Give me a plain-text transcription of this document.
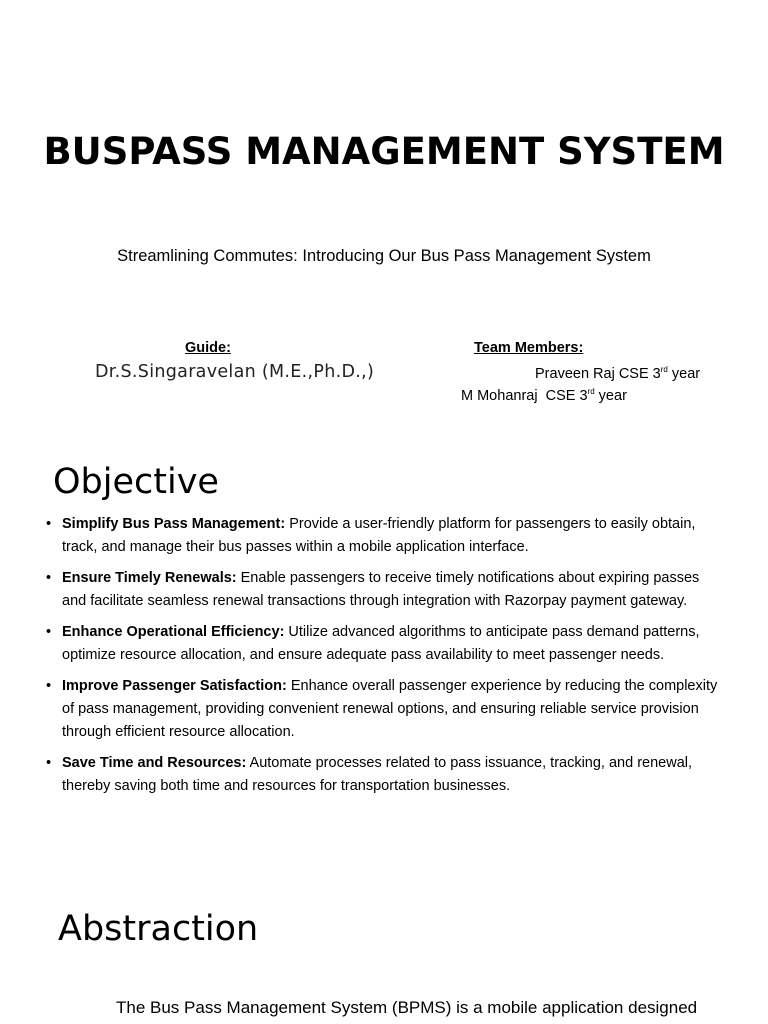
BUSPASS MANAGEMENT SYSTEM

Streamlining Commutes: Introducing Our Bus Pass Management System

Guide:
Dr.S.Singaravelan (M.E.,Ph.D.,)
Team Members:
Praveen Raj CSE 3rd year
M Mohanraj  CSE 3rd year
Objective
• Simplify Bus Pass Management: Provide a user-friendly platform for passengers to easily obtain, track, and manage their bus passes within a mobile application interface.
• Ensure Timely Renewals: Enable passengers to receive timely notifications about expiring passes and facilitate seamless renewal transactions through integration with Razorpay payment gateway.
• Enhance Operational Efficiency: Utilize advanced algorithms to anticipate pass demand patterns, optimize resource allocation, and ensure adequate pass availability to meet passenger needs.
• Improve Passenger Satisfaction: Enhance overall passenger experience by reducing the complexity of pass management, providing convenient renewal options, and ensuring reliable service provision through efficient resource allocation.
• Save Time and Resources: Automate processes related to pass issuance, tracking, and renewal, thereby saving both time and resources for transportation businesses.
Abstraction

The Bus Pass Management System (BPMS) is a mobile application designed
